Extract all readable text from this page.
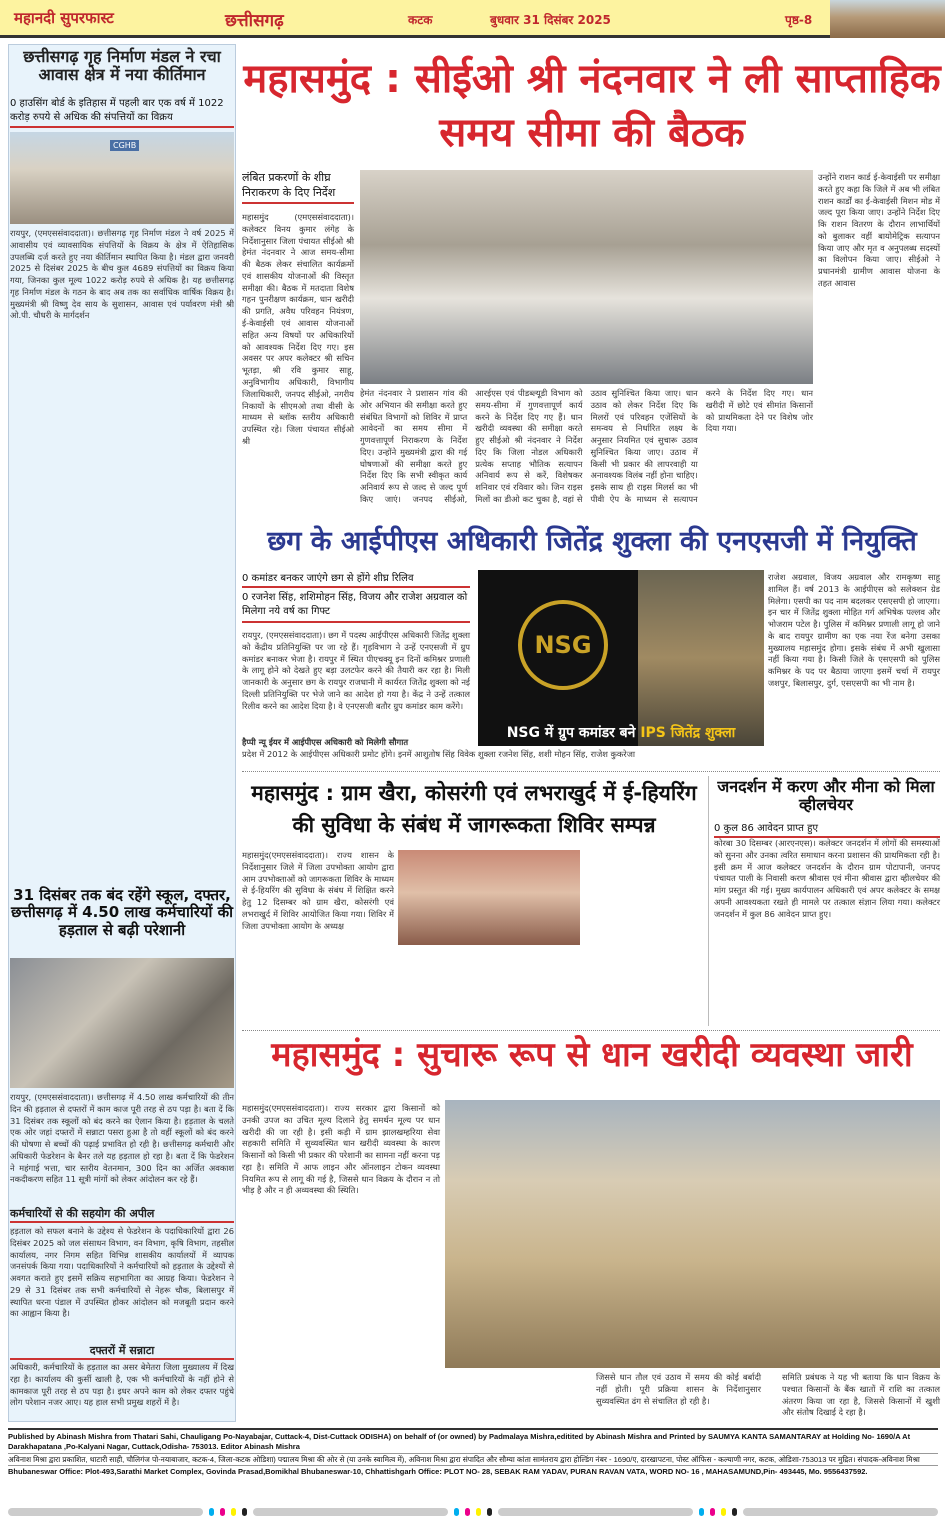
महानदी सुपरफास्ट	छत्तीसगढ़	कटक	बुधवार 31 दिसंबर 2025	पृष्ठ-8
छत्तीसगढ़ गृह निर्माण मंडल ने रचा आवास क्षेत्र में नया कीर्तिमान
0 हाउसिंग बोर्ड के इतिहास में पहली बार एक वर्ष में 1022 करोड़ रुपये से अधिक की संपत्तियों का विक्रय
CGHB
रायपुर, (एमएससंवाददाता)। छत्तीसगढ़ गृह निर्माण मंडल ने वर्ष 2025 में आवासीय एवं व्यावसायिक संपत्तियों के विक्रय के क्षेत्र में ऐतिहासिक उपलब्धि दर्ज करते हुए नया कीर्तिमान स्थापित किया है। मंडल द्वारा जनवरी 2025 से दिसंबर 2025 के बीच कुल 4689 संपत्तियों का विक्रय किया गया, जिनका कुल मूल्य 1022 करोड़ रुपये से अधिक है। यह छत्तीसगढ़ गृह निर्माण मंडल के गठन के बाद अब तक का सर्वाधिक वार्षिक विक्रय है। मुख्यमंत्री श्री विष्णु देव साय के सुशासन, आवास एवं पर्यावरण मंत्री श्री ओ.पी. चौधरी के मार्गदर्शन
31 दिसंबर तक बंद रहेंगे स्कूल, दफ्तर, छत्तीसगढ़ में 4.50 लाख कर्मचारियों की हड़ताल से बढ़ी परेशानी
रायपुर, (एमएससंवाददाता)। छत्तीसगढ़ में 4.50 लाख कर्मचारियों की तीन दिन की हड़ताल से दफ्तरों में काम काज पूरी तरह से ठप पड़ा है। बता दें कि 31 दिसंबर तक स्कूलों को बंद करने का ऐलान किया है। हड़ताल के चलते एक ओर जहां दफ्तरों में सन्नाटा पसरा हुआ है तो वहीं स्कूलों को बंद करने की घोषणा से बच्चों की पढ़ाई प्रभावित हो रही है। छत्तीसगढ़ कर्मचारी और अधिकारी फेडरेशन के बैनर तले यह हड़ताल हो रहा है। बता दें कि फेडरेशन ने महंगाई भत्ता, चार स्तरीय वेतनमान, 300 दिन का अर्जित अवकाश नकदीकरण सहित 11 सूत्री मांगों को लेकर आंदोलन कर रहे हैं।
कर्मचारियों से की सहयोग की अपील
हड़ताल को सफल बनाने के उद्देश्य से फेडरेशन के पदाधिकारियों द्वारा 26 दिसंबर 2025 को जल संसाधन विभाग, वन विभाग, कृषि विभाग, तहसील कार्यालय, नगर निगम सहित विभिन्न शासकीय कार्यालयों में व्यापक जनसंपर्क किया गया। पदाधिकारियों ने कर्मचारियों को हड़ताल के उद्देश्यों से अवगत कराते हुए इसमें सक्रिय सहभागिता का आग्रह किया। फेडरेशन ने 29 से 31 दिसंबर तक सभी कर्मचारियों से नेहरू चौक, बिलासपुर में स्थापित धरना पंडाल में उपस्थित होकर आंदोलन को मजबूती प्रदान करने का आह्वान किया है।
दफ्तरों में सन्नाटा
अधिकारी, कर्मचारियों के हड़ताल का असर बेमेतरा जिला मुख्यालय में दिख रहा है। कार्यालय की कुर्सी खाली है, एक भी कर्मचारियों के नहीं होने से कामकाज पूरी तरह से ठप पड़ा है। इधर अपने काम को लेकर दफ्तर पहुंचे लोग परेशान नजर आए। यह हाल सभी प्रमुख शहरों में है।
महासमुंद : सीईओ श्री नंदनवार ने ली साप्ताहिक समय सीमा की बैठक
लंबित प्रकरणों के शीघ्र निराकरण के दिए निर्देश
महासमुंद (एमएससंवाददाता)। कलेक्टर विनय कुमार लंगेह के निर्देशानुसार जिला पंचायत सीईओ श्री हेमंत नंदनवार ने आज समय-सीमा की बैठक लेकर संचालित कार्यक्रमों एवं शासकीय योजनाओं की विस्तृत समीक्षा की। बैठक में मतदाता विशेष गहन पुनरीक्षण कार्यक्रम, धान खरीदी की प्रगति, अवैध परिवहन नियंत्रण, ई-केवाईसी एवं आवास योजनाओं सहित अन्य विषयों पर अधिकारियों को आवश्यक निर्देश दिए गए। इस अवसर पर अपर कलेक्टर श्री सचिन भूतड़ा, श्री रवि कुमार साहू, अनुविभागीय अधिकारी, विभागीय जिलाधिकारी, जनपद सीईओ, नगरीय निकायों के सीएमओ तथा वीसी के माध्यम से ब्लॉक स्तरीय अधिकारी उपस्थित रहे। जिला पंचायत सीईओ श्री
हेमंत नंदनवार ने प्रशासन गांव की ओर अभियान की समीक्षा करते हुए संबंधित विभागों को शिविर में प्राप्त आवेदनों का समय सीमा में गुणवत्तापूर्ण निराकरण के निर्देश दिए। उन्होंने मुख्यमंत्री द्वारा की गई घोषणाओं की समीक्षा करते हुए निर्देश दिए कि सभी स्वीकृत कार्य अनिवार्य रूप से जल्द से जल्द पूर्ण किए जाएं। जनपद सीईओ, आरईएस एवं पीडब्ल्यूडी विभाग को समय-सीमा में गुणवत्तापूर्ण कार्य करने के निर्देश दिए गए हैं। धान खरीदी व्यवस्था की समीक्षा करते हुए सीईओ श्री नंदनवार ने निर्देश दिए कि जिला नोडल अधिकारी प्रत्येक सप्ताह भौतिक सत्यापन अनिवार्य रूप से करें, विशेषकर शनिवार एवं रविवार को। जिन राइस मिलों का डीओ कट चुका है, वहां से उठाव सुनिश्चित किया जाए। धान उठाव को लेकर निर्देश दिए कि मिलरों एवं परिवहन एजेंसियों के समन्वय से निर्धारित लक्ष्य के अनुसार नियमित एवं सुचारू उठाव सुनिश्चित किया जाए। उठाव में किसी भी प्रकार की लापरवाही या अनावश्यक विलंब नहीं होना चाहिए। इसके साथ ही राइस मिलर्स का भी पीवी ऐप के माध्यम से सत्यापन करने के निर्देश दिए गए। धान खरीदी में छोटे एवं सीमांत किसानों को प्राथमिकता देने पर विशेष जोर दिया गया।
उन्होंने राशन कार्ड ई-केवाईसी पर समीक्षा करते हुए कहा कि जिले में अब भी लंबित राशन कार्डों का ई-केवाईसी मिशन मोड में जल्द पूरा किया जाए। उन्होंने निर्देश दिए कि राशन वितरण के दौरान लाभार्थियों को बुलाकर वहीं बायोमेट्रिक सत्यापन किया जाए और मृत व अनुपलब्ध सदस्यों का विलोपन किया जाए। सीईओ ने प्रधानमंत्री ग्रामीण आवास योजना के तहत आवास
छग के आईपीएस अधिकारी जितेंद्र शुक्ला की एनएसजी में नियुक्ति
0 कमांडर बनकर जाएंगे छग से होंगे शीघ्र रिलिव
0 रजनेश सिंह, शशिमोहन सिंह, विजय और राजेश अग्रवाल को मिलेगा नये वर्ष का गिफ्ट
रायपुर, (एमएससंवाददाता)। छग में पदस्थ आईपीएस अधिकारी जितेंद्र शुक्ला को केंद्रीय प्रतिनियुक्ति पर जा रहे हैं। गृहविभाग ने उन्हें एनएसजी में ग्रुप कमांडर बनाकर भेजा है। रायपुर में स्थित पीएचक्यू इन दिनों कमिश्नर प्रणाली के लागू होने को देखते हुए बड़ा उलटफेर करने की तैयारी कर रहा है। मिली जानकारी के अनुसार छग के रायपुर राजधानी में कार्यरत जितेंद्र शुक्ला को नई दिल्ली प्रतिनियुक्ति पर भेजे जाने का आदेश हो गया है। केंद्र ने उन्हें तत्काल रिलीव करने का आदेश दिया है। वे एनएसजी बतौर ग्रुप कमांडर काम करेंगे।
हैप्पी न्यू ईयर में आईपीएस अधिकारी को मिलेगी सौगात
प्रदेश में 2012 के आईपीएस अधिकारी प्रमोट होंगे। इनमें आशुतोष सिंह विवेक शुक्ला रजनेश सिंह, शशी मोहन सिंह, राजेश कुकरेजा
NSG
NSG में ग्रुप कमांडर बने IPS जितेंद्र शुक्ला
राजेश अग्रवाल, विजय अग्रवाल और रामकृष्ण साहू शामिल हैं। वर्ष 2013 के आईपीएस को सलेक्शन ग्रेड मिलेगा। एसपी का पद नाम बदलकर एसएसपी हो जाएगा। इन चार में जितेंद्र शुक्ला मोहित गर्ग अभिषेक पल्लव और भोजराम पटेल है। पुलिस में कमिश्नर प्रणाली लागू हो जाने के बाद रायपुर ग्रामीण का एक नया रेंज बनेगा उसका मुख्यालय महासमुंद होगा। इसके संबंध में अभी खुलासा नहीं किया गया है। किसी जिले के एसएसपी को पुलिस कमिश्नर के पद पर बैठाया जाएगा इसमें चर्चा में रायपुर जशपुर, बिलासपुर, दुर्ग, एसएसपी का भी नाम है।
महासमुंद : ग्राम खैरा, कोसरंगी एवं लभराखुर्द में ई-हियरिंग की सुविधा के संबंध में जागरूकता शिविर सम्पन्न
महासमुंद(एमएससंवाददाता)। राज्य शासन के निर्देशानुसार जिले में जिला उपभोक्ता आयोग द्वारा आम उपभोक्ताओं को जागरूकता शिविर के माध्यम से ई-हियरिंग की सुविधा के संबंध में शिक्षित करने हेतु 12 दिसम्बर को ग्राम खैरा, कोसरंगी एवं लभराखुर्द में शिविर आयोजित किया गया। शिविर में जिला उपभोक्ता आयोग के अध्यक्ष
जनदर्शन में करण और मीना को मिला व्हीलचेयर
0 कुल 86 आवेदन प्राप्त हुए
कोरबा 30 दिसम्बर (आरएनएस)। कलेक्टर जनदर्शन में लोगों की समस्याओं को सुनना और उनका त्वरित समाधान करना प्रशासन की प्राथमिकता रही है। इसी क्रम में आज कलेक्टर जनदर्शन के दौरान ग्राम पोटापानी, जनपद पंचायत पाली के निवासी करण श्रीवास एवं मीना श्रीवास द्वारा व्हीलचेयर की मांग प्रस्तुत की गई। मुख्य कार्यपालन अधिकारी एवं अपर कलेक्टर के समक्ष अपनी आवश्यकता रखते ही मामले पर तत्काल संज्ञान लिया गया। कलेक्टर जनदर्शन में कुल 86 आवेदन प्राप्त हुए।
महासमुंद : सुचारू रूप से धान खरीदी व्यवस्था जारी
महासमुंद(एमएससंवाददाता)। राज्य सरकार द्वारा किसानों को उनकी उपज का उचित मूल्य दिलाने हेतु समर्थन मूल्य पर धान खरीदी की जा रही है। इसी कड़ी में ग्राम झालखम्हरिया सेवा सहकारी समिति में सुव्यवस्थित धान खरीदी व्यवस्था के कारण किसानों को किसी भी प्रकार की परेशानी का सामना नहीं करना पड़ रहा है। समिति में आफ लाइन और ऑनलाइन टोकन व्यवस्था नियमित रूप से लागू की गई है, जिससे धान विक्रय के दौरान न तो भीड़ है और न ही अव्यवस्था की स्थिति।
जिससे धान तौल एवं उठाव में समय की कोई बर्बादी नहीं होती। पूरी प्रक्रिया शासन के निर्देशानुसार सुव्यवस्थित ढंग से संचालित हो रही है।
समिति प्रबंधक ने यह भी बताया कि धान विक्रय के पश्चात किसानों के बैंक खातों में राशि का तत्काल अंतरण किया जा रहा है, जिससे किसानों में खुशी और संतोष दिखाई दे रहा है।
Published by Abinash Mishra from Thatari Sahi, Chauligang Po-Nayabajar, Cuttack-4, Dist-Cuttack ODISHA) on behalf of (or owned) by Padmalaya Mishra,editited by Abinash Mishra and Printed by SAUMYA KANTA SAMANTARAY at Holding No- 1690/A At Darakhapatana ,Po-Kalyani Nagar, Cuttack,Odisha- 753013. Editor Abinash Mishra
अविनाश मिश्रा द्वारा प्रकाशित, थाटारी साही, चौलिगंज पो-नयाबाजार, कटक-4, जिला-कटक ओडिशा) पद्मालय मिश्रा की ओर से (या उनके स्वामित्व में), अविनाश मिश्रा द्वारा संपादित और सौम्या कांता सामंतराय द्वारा होल्डिंग नंबर - 1690/ए, दारखापटना, पोस्ट ऑफिस - कल्याणी नगर, कटक, ओडिशा-753013 पर मुद्रित। संपादक-अविनाश मिश्रा
Bhubaneswar Office: Plot-493,Sarathi Market Complex, Govinda Prasad,Bomikhal Bhubaneswar-10, Chhattishgarh Office: PLOT NO- 28, SEBAK RAM YADAV, PURAN RAVAN VATA, WORD NO- 16 , MAHASAMUND,Pin- 493445, Mo. 9556437592.
